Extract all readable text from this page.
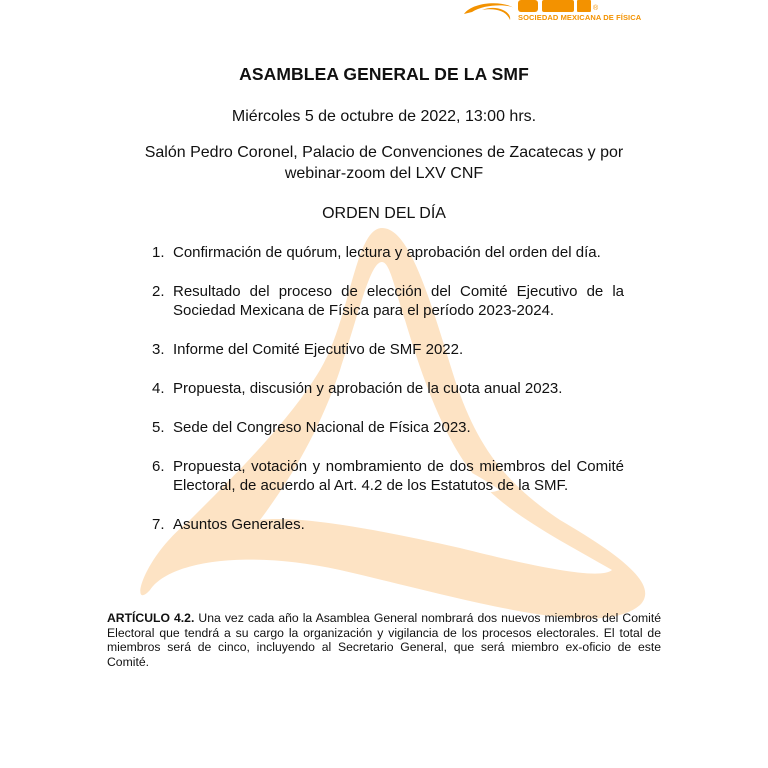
®
SOCIEDAD MEXICANA DE FÍSICA
ASAMBLEA GENERAL DE LA SMF
Miércoles 5 de octubre de 2022, 13:00 hrs.
Salón Pedro Coronel, Palacio de Convenciones de Zacatecas y por webinar-zoom del LXV CNF
ORDEN DEL DÍA
1. Confirmación de quórum, lectura y aprobación del orden del día.
2. Resultado del proceso de elección del Comité Ejecutivo de la Sociedad Mexicana de Física para el período 2023-2024.
3. Informe del Comité Ejecutivo de SMF 2022.
4. Propuesta, discusión y aprobación de la cuota anual 2023.
5. Sede del Congreso Nacional de Física 2023.
6. Propuesta, votación y nombramiento de dos miembros del Comité Electoral, de acuerdo al Art. 4.2 de los Estatutos de la SMF.
7. Asuntos Generales.
ARTÍCULO 4.2. Una vez cada año la Asamblea General nombrará dos nuevos miembros del Comité Electoral que tendrá a su cargo la organización y vigilancia de los procesos electorales. El total de miembros será de cinco, incluyendo al Secretario General, que será miembro ex-oficio de este Comité.
